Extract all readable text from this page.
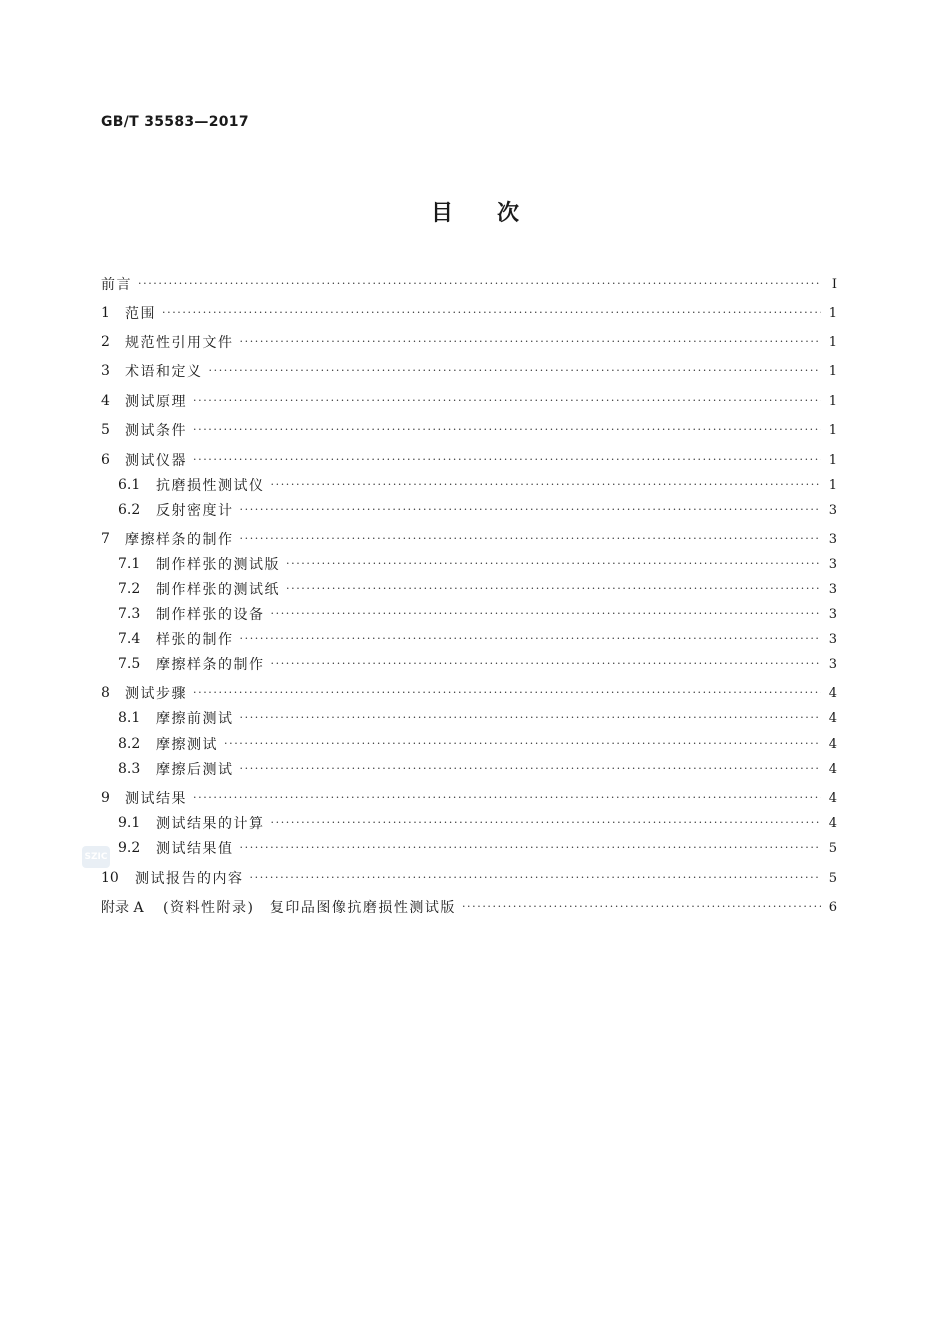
GB/T 35583—2017
目次
前言 ·····	I
1	范围 ·····	1
2	规范性引用文件 ·····	1
3	术语和定义 ·····	1
4	测试原理 ·····	1
5	测试条件 ·····	1
6	测试仪器 ·····	1
6.1	抗磨损性测试仪 ·····	1
6.2	反射密度计 ·····	3
7	摩擦样条的制作 ·····	3
7.1	制作样张的测试版 ·····	3
7.2	制作样张的测试纸 ·····	3
7.3	制作样张的设备 ·····	3
7.4	样张的制作 ·····	3
7.5	摩擦样条的制作 ·····	3
8	测试步骤 ·····	4
8.1	摩擦前测试 ·····	4
8.2	摩擦测试 ·····	4
8.3	摩擦后测试 ·····	4
9	测试结果 ·····	4
9.1	测试结果的计算 ·····	4
9.2	测试结果值 ·····	5
10	测试报告的内容 ·····	5
附录 A	(资料性附录)　复印品图像抗磨损性测试版 ·····	6
SZIC
